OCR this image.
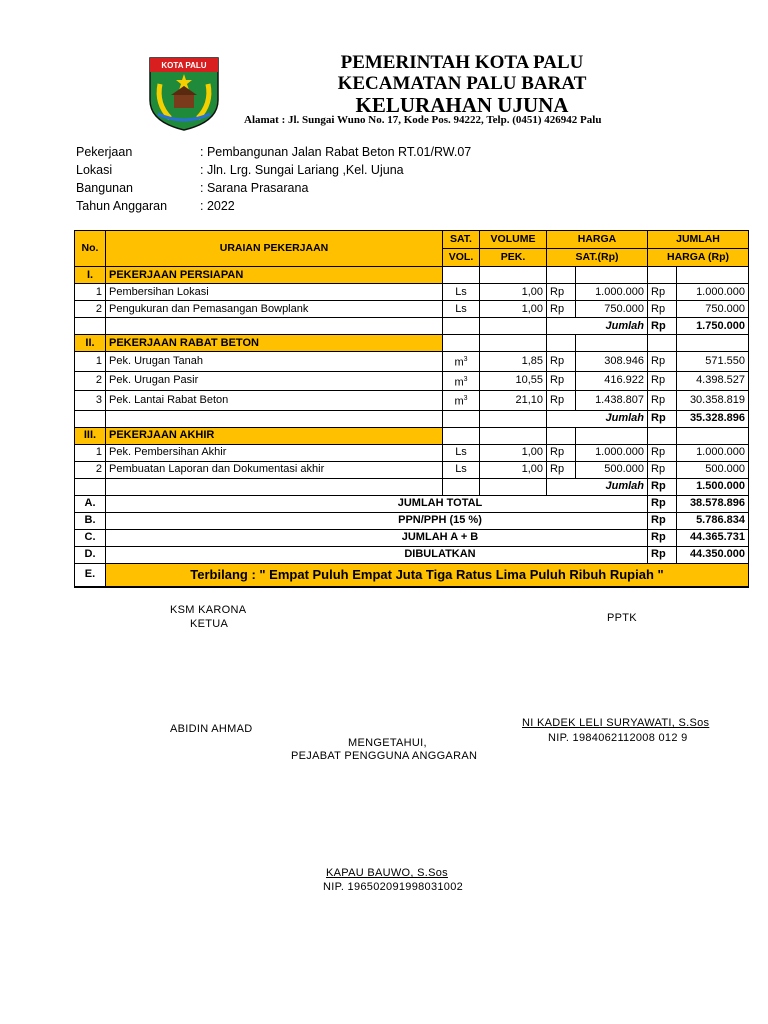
KOTA PALU	PEMERINTAH KOTA PALU
KECAMATAN PALU BARAT
KELURAHAN UJUNA
Alamat : Jl. Sungai Wuno No. 17, Kode Pos. 94222, Telp. (0451) 426942 Palu
Pekerjaan	: Pembangunan Jalan Rabat Beton RT.01/RW.07
Lokasi	: Jln. Lrg. Sungai Lariang ,Kel. Ujuna
Bangunan	: Sarana Prasarana
Tahun Anggaran	: 2022
No.	URAIAN PEKERJAAN	SAT.	VOLUME	HARGA		JUMLAH	
		VOL.	PEK.	SAT.(Rp)		HARGA (Rp)	
I.	PEKERJAAN PERSIAPAN						
1	Pembersihan Lokasi	Ls	1,00	Rp	1.000.000	Rp	1.000.000
2	Pengukuran dan Pemasangan Bowplank	Ls	1,00	Rp	750.000	Rp	750.000
				Jumlah		Rp	1.750.000
II.	PEKERJAAN RABAT BETON						
1	Pek. Urugan Tanah	$m^3$	1,85	Rp	308.946	Rp	571.550
2	Pek. Urugan Pasir	$m^3$	10,55	Rp	416.922	Rp	4.398.527
3	Pek. Lantai Rabat Beton	$m^3$	21,10	Rp	1.438.807	Rp	30.358.819
				Jumlah		Rp	35.328.896
III.	PEKERJAAN AKHIR						
1	Pek. Pembersihan Akhir	Ls	1,00	Rp	1.000.000	Rp	1.000.000
2	Pembuatan Laporan dan Dokumentasi akhir	Ls	1,00	Rp	500.000	Rp	500.000
				Jumlah		Rp	1.500.000
A.	JUMLAH TOTAL					Rp	38.578.896
B.	PPN/PPH (15 %)					Rp	5.786.834
C.	JUMLAH A + B					Rp	44.365.731
D.	DIBULATKAN					Rp	44.350.000
E.	Terbilang : " Empat Puluh Empat Juta Tiga Ratus Lima Puluh Ribuh Rupiah "						
KSM KARONA
KETUA	PPTK
ABIDIN AHMAD	NI KADEK LELI SURYAWATI, S.Sos
NIP. 1984062112008 012 9
MENGETAHUI,
PEJABAT PENGGUNA ANGGARAN
KAPAU BAUWO, S.Sos
NIP. 196502091998031002
